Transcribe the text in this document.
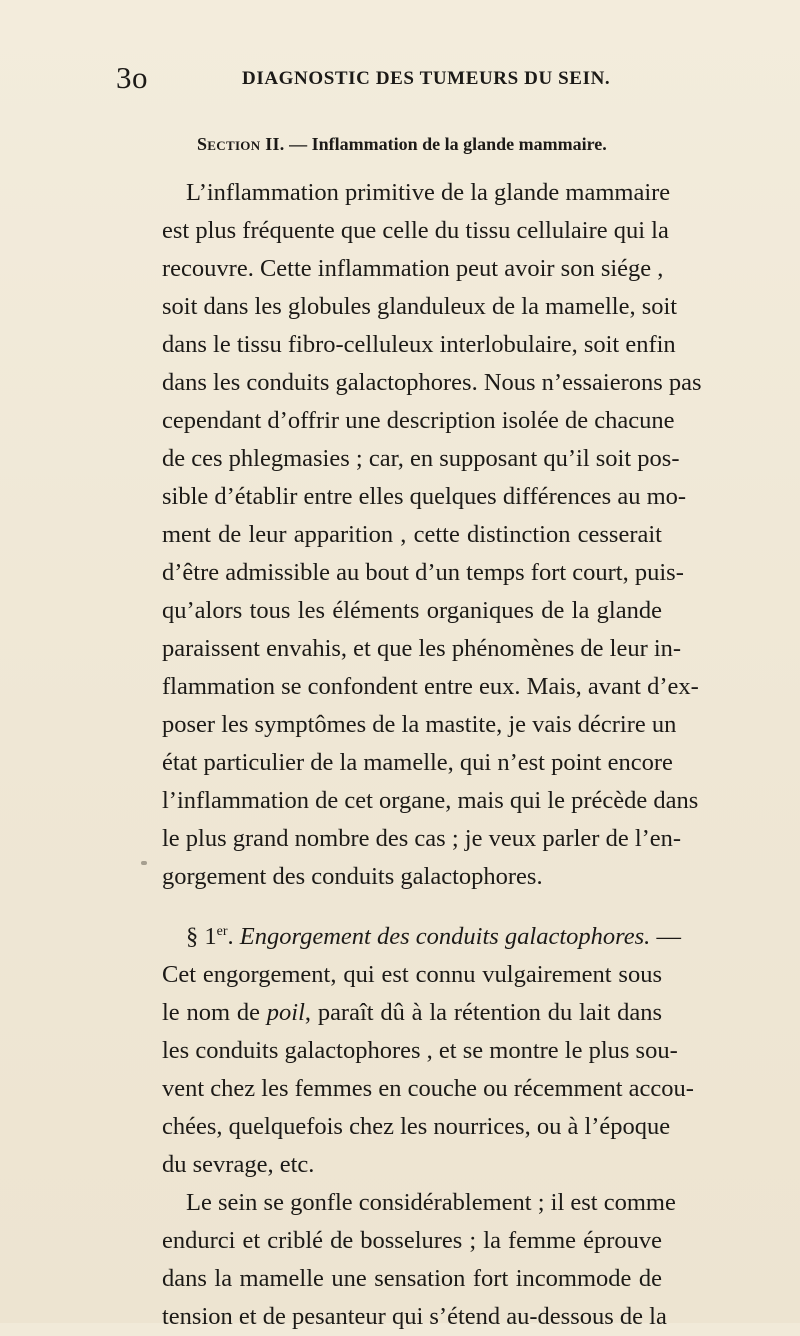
3o	DIAGNOSTIC DES TUMEURS DU SEIN.
Section II. — Inflammation de la glande mammaire.
L’inflammation primitive de la glande mammaire
est plus fréquente que celle du tissu cellulaire qui la
recouvre. Cette inflammation peut avoir son siége ,
soit dans les globules glanduleux de la mamelle, soit
dans le tissu fibro-celluleux interlobulaire, soit enfin
dans les conduits galactophores. Nous n’essaierons pas
cependant d’offrir une description isolée de chacune
de ces phlegmasies ; car, en supposant qu’il soit pos-
sible d’établir entre elles quelques différences au mo-
ment de leur apparition , cette distinction cesserait
d’être admissible au bout d’un temps fort court, puis-
qu’alors tous les éléments organiques de la glande
paraissent envahis, et que les phénomènes de leur in-
flammation se confondent entre eux. Mais, avant d’ex-
poser les symptômes de la mastite, je vais décrire un
état particulier de la mamelle, qui n’est point encore
l’inflammation de cet organe, mais qui le précède dans
le plus grand nombre des cas ; je veux parler de l’en-
gorgement des conduits galactophores.
§ 1er. Engorgement des conduits galactophores. —
Cet engorgement, qui est connu vulgairement sous
le nom de poil, paraît dû à la rétention du lait dans
les conduits galactophores , et se montre le plus sou-
vent chez les femmes en couche ou récemment accou-
chées, quelquefois chez les nourrices, ou à l’époque
du sevrage, etc.
Le sein se gonfle considérablement ; il est comme
endurci et criblé de bosselures ; la femme éprouve
dans la mamelle une sensation fort incommode de
tension et de pesanteur qui s’étend au-dessous de la
